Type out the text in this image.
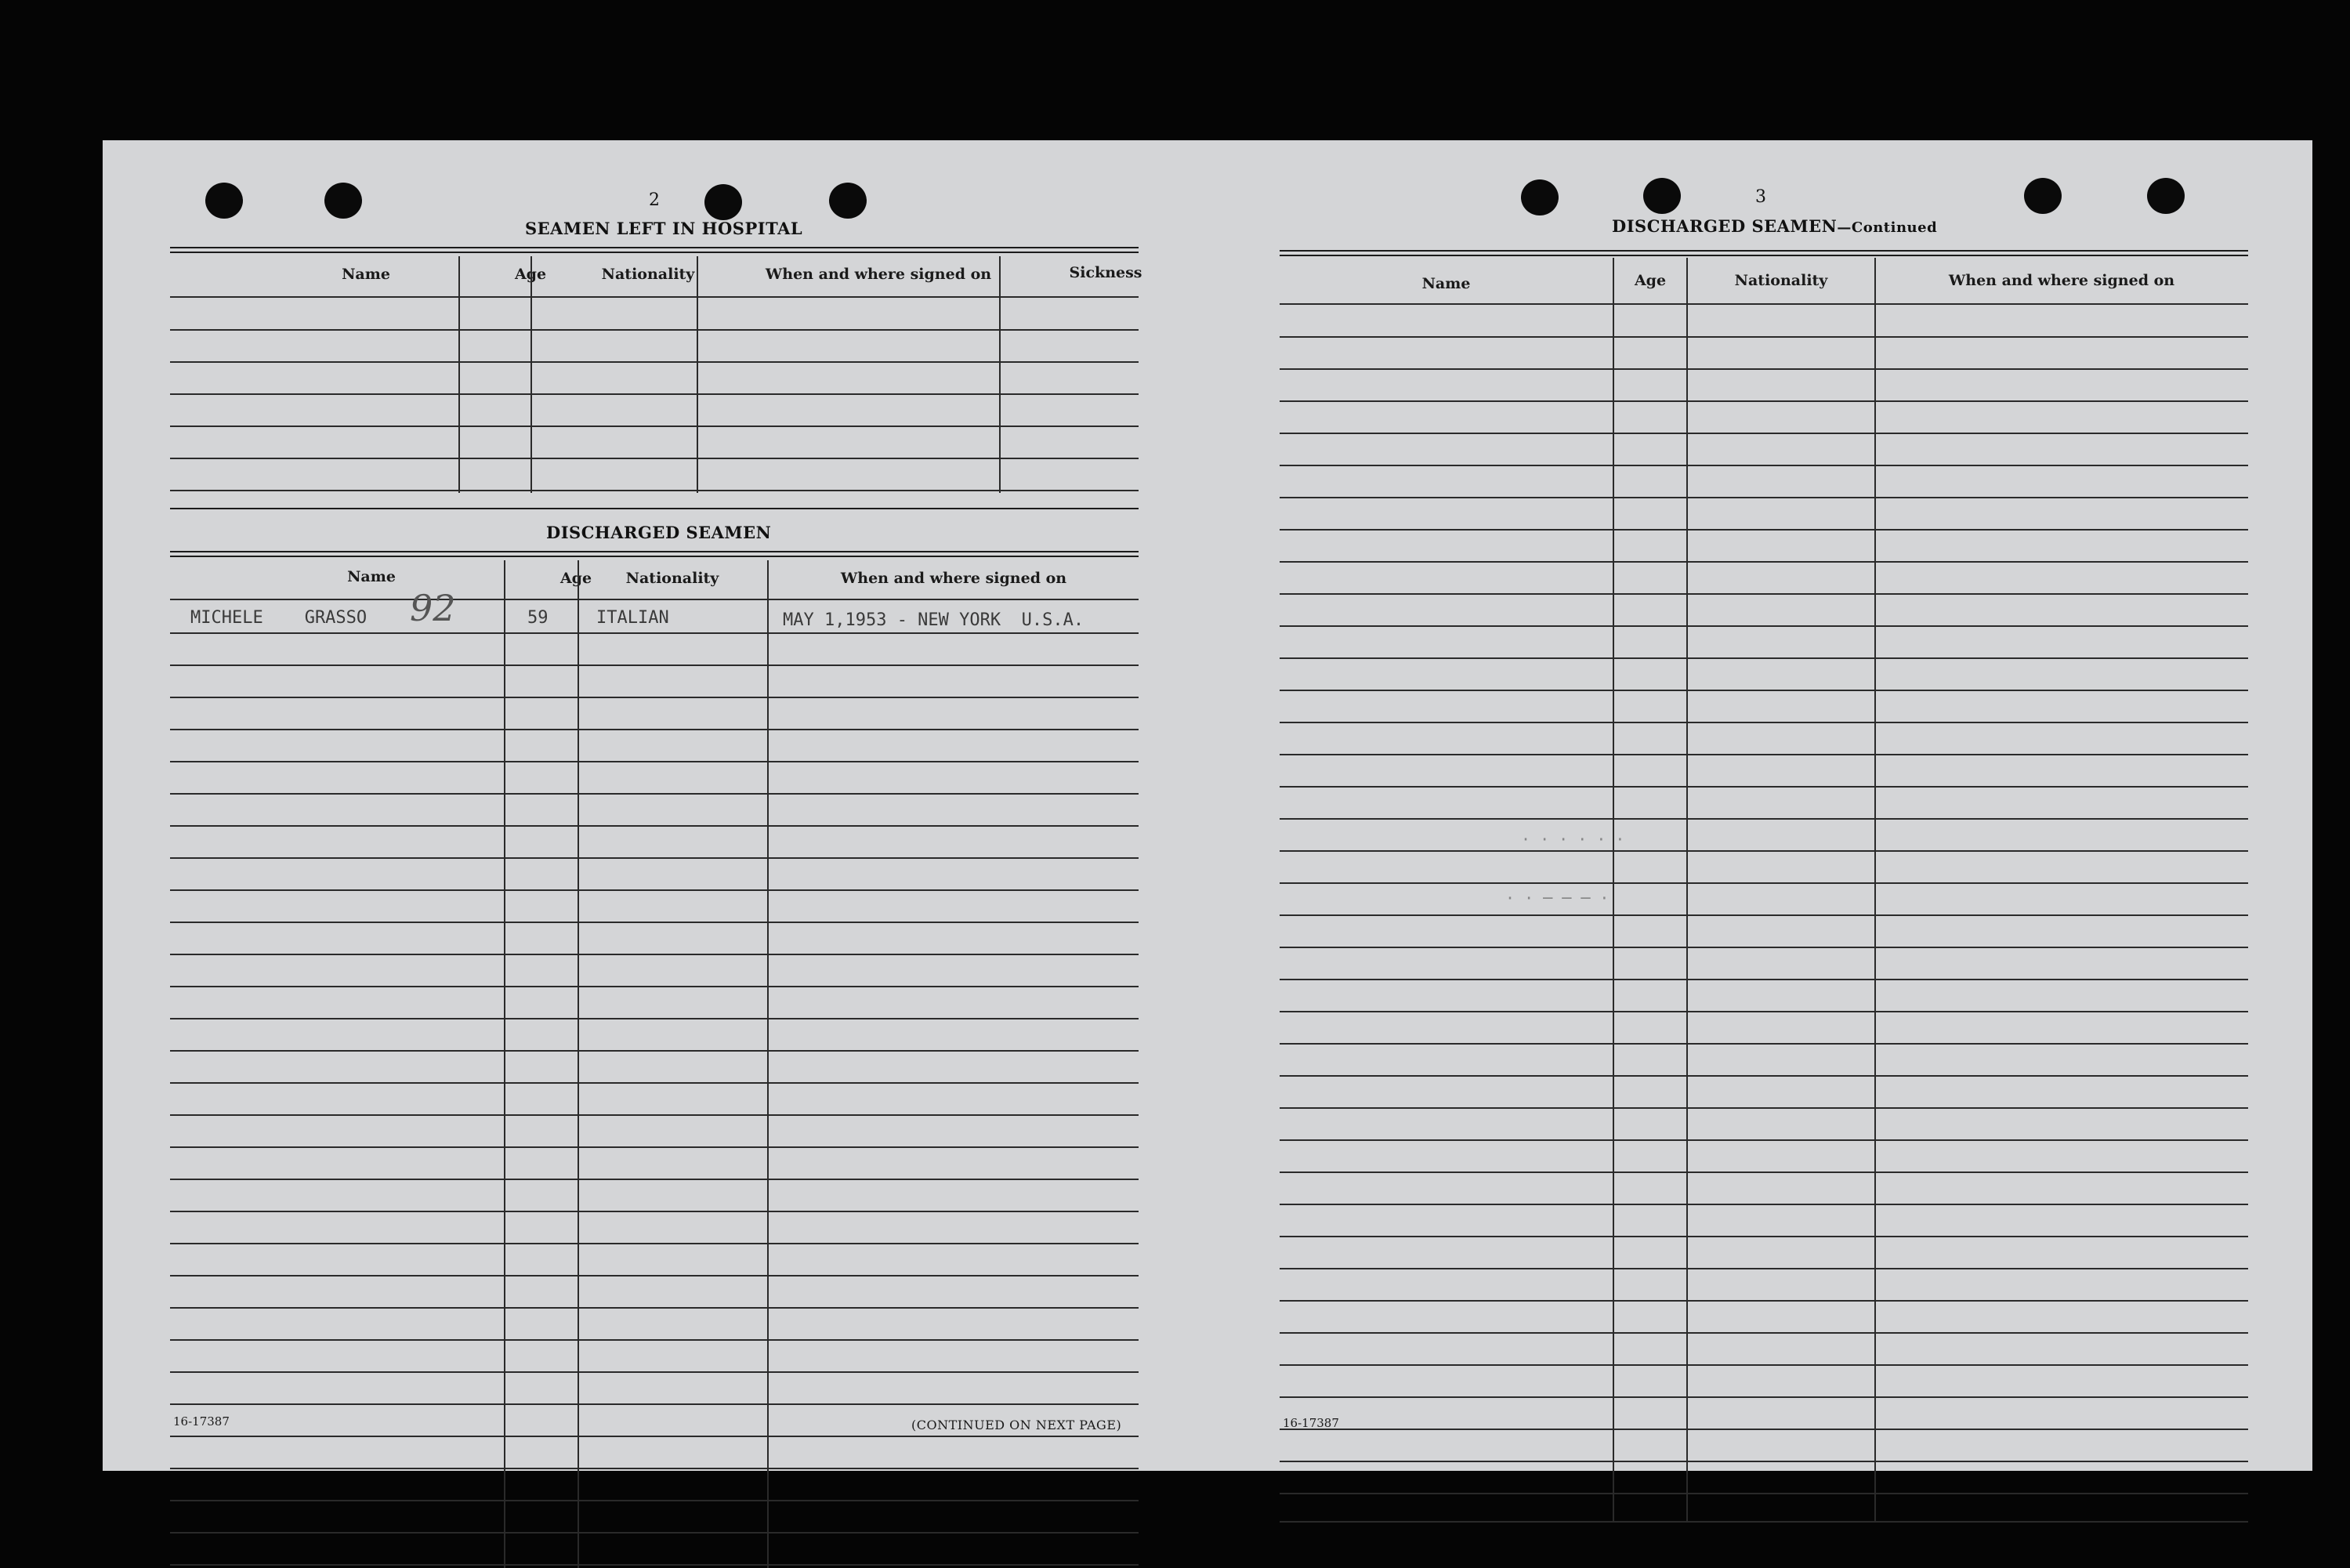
2
SEAMEN LEFT IN HOSPITAL
Name	Age	Nationality	When and where signed on	Sickness
DISCHARGED SEAMEN
Name	Age	Nationality	When and where signed on
MICHELE    GRASSO 92	59	ITALIAN	MAY 1,1953 - NEW YORK  U.S.A.
16-17387	(CONTINUED ON NEXT PAGE)
3
DISCHARGED SEAMEN—Continued
Name	Age	Nationality	When and where signed on
· · · · · ·
· · ─ ─ ─ ·
16-17387
